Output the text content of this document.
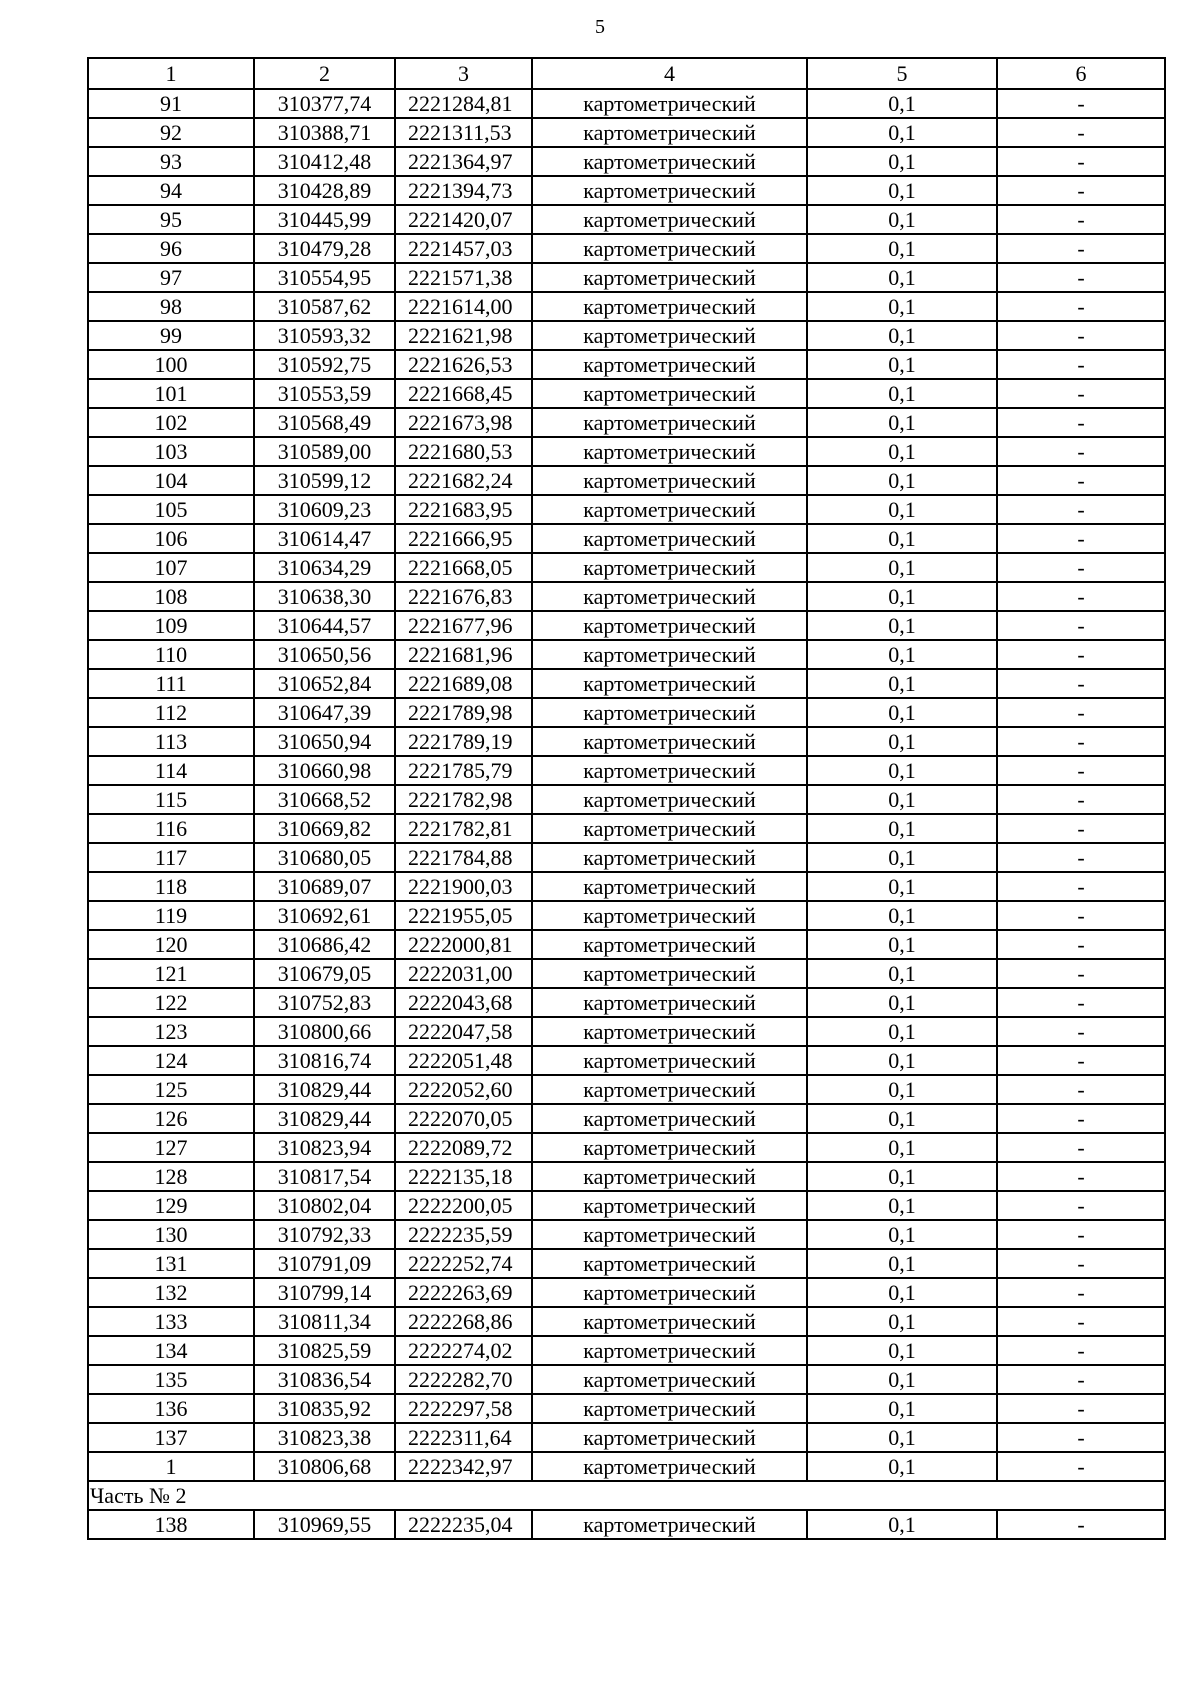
5
1	2	3	4	5	6
91	310377,74	2221284,81	картометрический	0,1	-
92	310388,71	2221311,53	картометрический	0,1	-
93	310412,48	2221364,97	картометрический	0,1	-
94	310428,89	2221394,73	картометрический	0,1	-
95	310445,99	2221420,07	картометрический	0,1	-
96	310479,28	2221457,03	картометрический	0,1	-
97	310554,95	2221571,38	картометрический	0,1	-
98	310587,62	2221614,00	картометрический	0,1	-
99	310593,32	2221621,98	картометрический	0,1	-
100	310592,75	2221626,53	картометрический	0,1	-
101	310553,59	2221668,45	картометрический	0,1	-
102	310568,49	2221673,98	картометрический	0,1	-
103	310589,00	2221680,53	картометрический	0,1	-
104	310599,12	2221682,24	картометрический	0,1	-
105	310609,23	2221683,95	картометрический	0,1	-
106	310614,47	2221666,95	картометрический	0,1	-
107	310634,29	2221668,05	картометрический	0,1	-
108	310638,30	2221676,83	картометрический	0,1	-
109	310644,57	2221677,96	картометрический	0,1	-
110	310650,56	2221681,96	картометрический	0,1	-
111	310652,84	2221689,08	картометрический	0,1	-
112	310647,39	2221789,98	картометрический	0,1	-
113	310650,94	2221789,19	картометрический	0,1	-
114	310660,98	2221785,79	картометрический	0,1	-
115	310668,52	2221782,98	картометрический	0,1	-
116	310669,82	2221782,81	картометрический	0,1	-
117	310680,05	2221784,88	картометрический	0,1	-
118	310689,07	2221900,03	картометрический	0,1	-
119	310692,61	2221955,05	картометрический	0,1	-
120	310686,42	2222000,81	картометрический	0,1	-
121	310679,05	2222031,00	картометрический	0,1	-
122	310752,83	2222043,68	картометрический	0,1	-
123	310800,66	2222047,58	картометрический	0,1	-
124	310816,74	2222051,48	картометрический	0,1	-
125	310829,44	2222052,60	картометрический	0,1	-
126	310829,44	2222070,05	картометрический	0,1	-
127	310823,94	2222089,72	картометрический	0,1	-
128	310817,54	2222135,18	картометрический	0,1	-
129	310802,04	2222200,05	картометрический	0,1	-
130	310792,33	2222235,59	картометрический	0,1	-
131	310791,09	2222252,74	картометрический	0,1	-
132	310799,14	2222263,69	картометрический	0,1	-
133	310811,34	2222268,86	картометрический	0,1	-
134	310825,59	2222274,02	картометрический	0,1	-
135	310836,54	2222282,70	картометрический	0,1	-
136	310835,92	2222297,58	картометрический	0,1	-
137	310823,38	2222311,64	картометрический	0,1	-
1	310806,68	2222342,97	картометрический	0,1	-
Часть № 2					
138	310969,55	2222235,04	картометрический	0,1	-
